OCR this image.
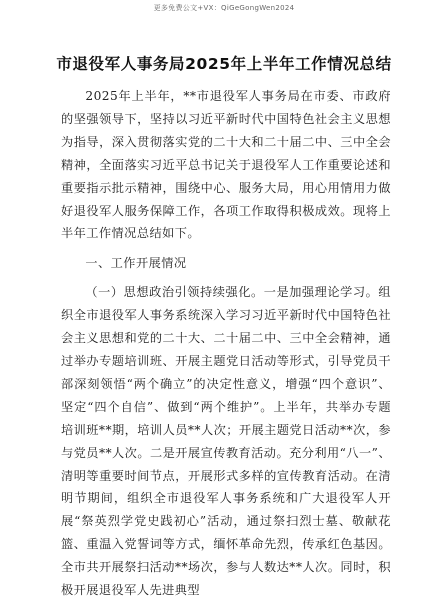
更多免费公文+VX：QiGeGongWen2024
市退役军人事务局2025年上半年工作情况总结

2025年上半年，**市退役军人事务局在市委、市政府的坚强领导下，坚持以习近平新时代中国特色社会主义思想为指导，深入贯彻落实党的二十大和二十届二中、三中全会精神，全面落实习近平总书记关于退役军人工作重要论述和重要指示批示精神，围绕中心、服务大局，用心用情用力做好退役军人服务保障工作，各项工作取得积极成效。现将上半年工作情况总结如下。

一、工作开展情况

（一）思想政治引领持续强化。一是加强理论学习。组织全市退役军人事务系统深入学习习近平新时代中国特色社会主义思想和党的二十大、二十届二中、三中全会精神，通过举办专题培训班、开展主题党日活动等形式，引导党员干部深刻领悟“两个确立”的决定性意义，增强“四个意识”、坚定“四个自信”、做到“两个维护”。上半年，共举办专题培训班**期，培训人员**人次；开展主题党日活动**次，参与党员**人次。二是开展宣传教育活动。充分利用“八一”、清明等重要时间节点，开展形式多样的宣传教育活动。在清明节期间，组织全市退役军人事务系统和广大退役军人开展“祭英烈学党史践初心”活动，通过祭扫烈士墓、敬献花篮、重温入党誓词等方式，缅怀革命先烈，传承红色基因。全市共开展祭扫活动**场次，参与人数达**人次。同时，积极开展退役军人先进典型
